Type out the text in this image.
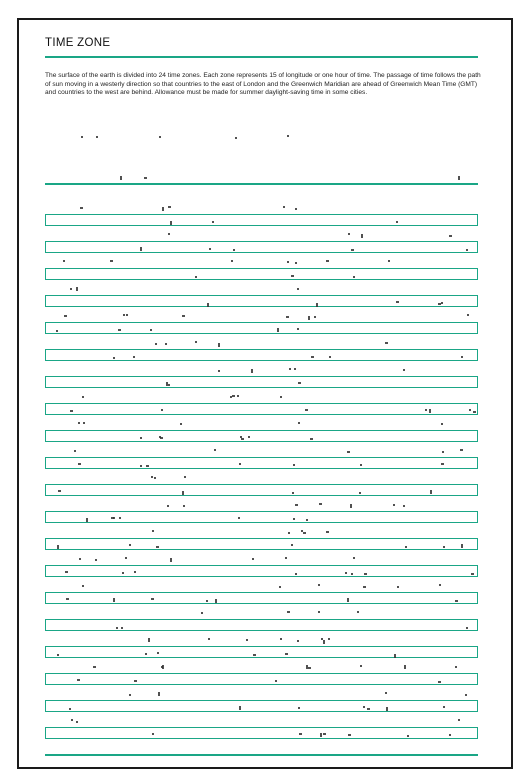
TIME ZONE

The surface of the earth is divided into 24 time zones. Each zone represents 15 of longitude or one hour of time. The passage of time follows the path of sun moving in a westerly direction so that countries to the east of London and the Greenwich Maridian are ahead of Greenwich Mean Time (GMT) and countries to the west are behind. Allowance must be made for summer daylight-saving time in some cities.
